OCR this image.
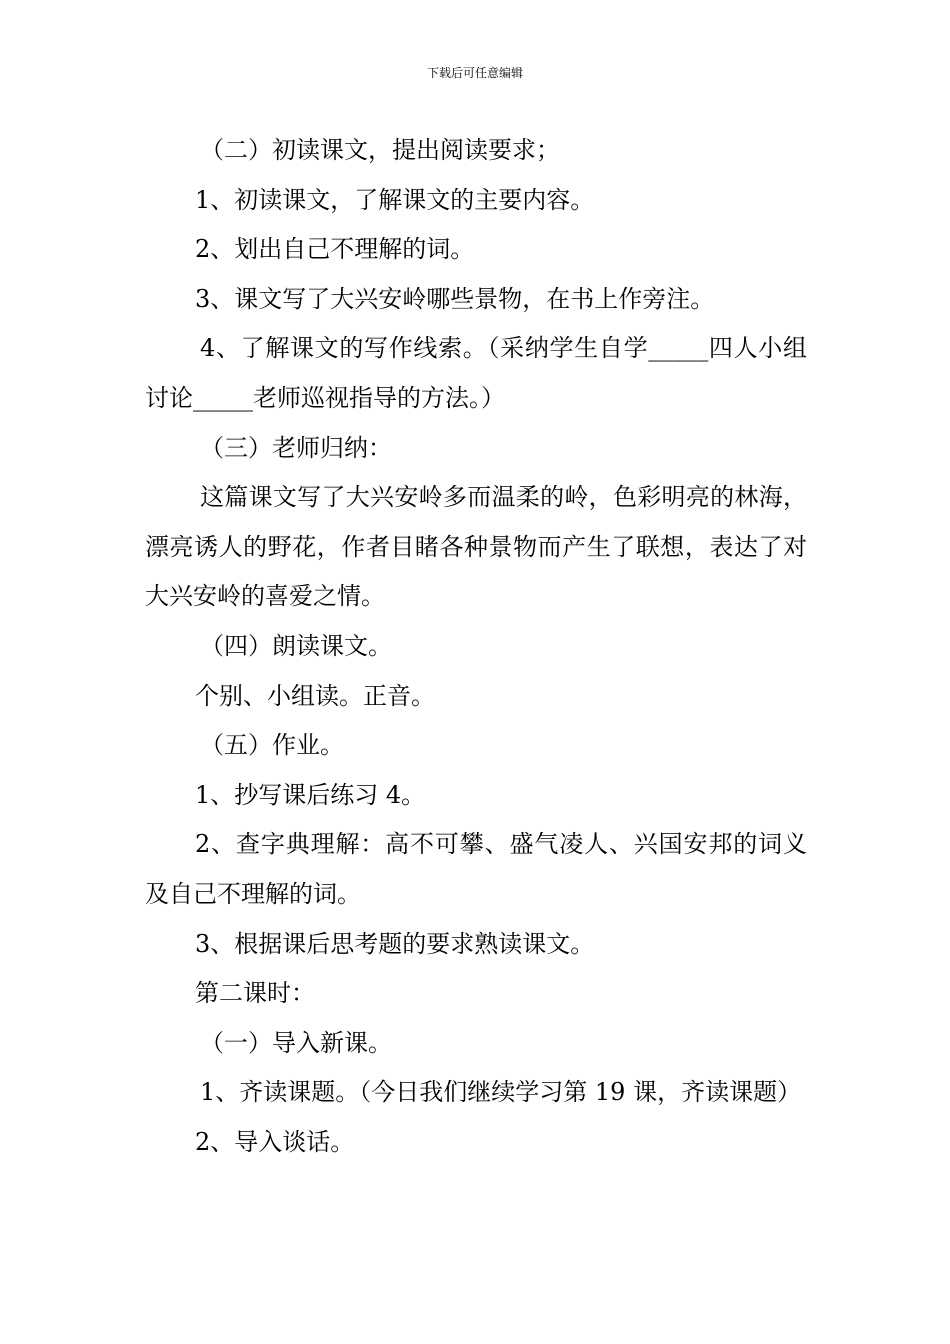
下载后可任意编辑

（二）初读课文，提出阅读要求；

1、初读课文，了解课文的主要内容。

2、划出自己不理解的词。

3、课文写了大兴安岭哪些景物，在书上作旁注。

4、了解课文的写作线索。（采纳学生自学_____四人小组讨论_____老师巡视指导的方法。）

（三）老师归纳：

这篇课文写了大兴安岭多而温柔的岭，色彩明亮的林海，漂亮诱人的野花，作者目睹各种景物而产生了联想，表达了对大兴安岭的喜爱之情。

（四）朗读课文。

个别、小组读。正音。

（五）作业。

1、抄写课后练习 4。

2、查字典理解：高不可攀、盛气凌人、兴国安邦的词义及自己不理解的词。

3、根据课后思考题的要求熟读课文。

第二课时：

（一）导入新课。

1、齐读课题。（今日我们继续学习第 19 课，齐读课题）

2、导入谈话。
